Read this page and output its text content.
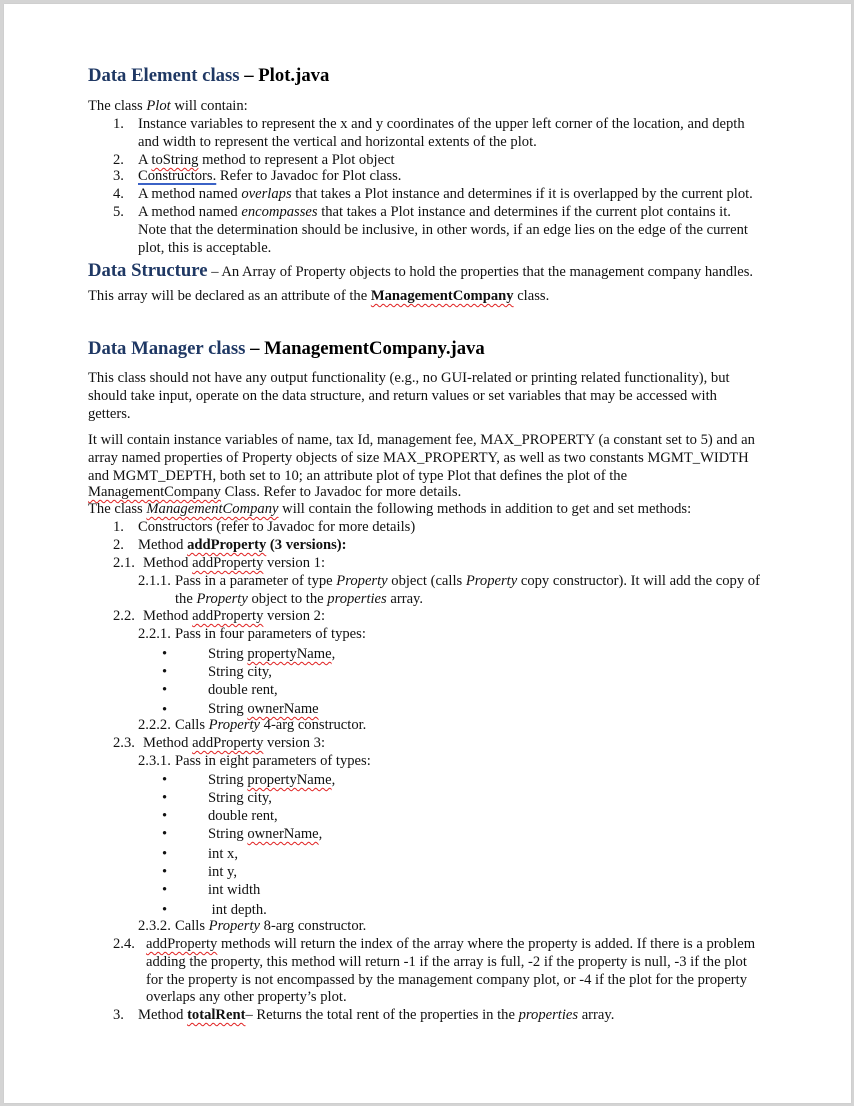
Data Element class – Plot.java
The class Plot will contain:
1. Instance variables to represent the x and y coordinates of the upper left corner of the location, and depth
and width to represent the vertical and horizontal extents of the plot.
2. A toString method to represent a Plot object
3. Constructors. Refer to Javadoc for Plot class.
4. A method named overlaps that takes a Plot instance and determines if it is overlapped by the current plot.
5. A method named encompasses that takes a Plot instance and determines if the current plot contains it.
Note that the determination should be inclusive, in other words, if an edge lies on the edge of the current
plot, this is acceptable.
Data Structure – An Array of Property objects to hold the properties that the management company handles.
This array will be declared as an attribute of the ManagementCompany class.
Data Manager class – ManagementCompany.java
This class should not have any output functionality (e.g., no GUI-related or printing related functionality), but
should take input, operate on the data structure, and return values or set variables that may be accessed with
getters.
It will contain instance variables of name, tax Id, management fee, MAX_PROPERTY (a constant set to 5) and an
array named properties of Property objects of size MAX_PROPERTY, as well as two constants MGMT_WIDTH
and MGMT_DEPTH, both set to 10; an attribute plot of type Plot that defines the plot of the
ManagementCompany Class. Refer to Javadoc for more details.
The class ManagementCompany will contain the following methods in addition to get and set methods:
1. Constructors (refer to Javadoc for more details)
2. Method addProperty (3 versions):
2.1. Method addProperty version 1:
2.1.1. Pass in a parameter of type Property object (calls Property copy constructor). It will add the copy of
the Property object to the properties array.
2.2. Method addProperty version 2:
2.2.1. Pass in four parameters of types:
•	String propertyName,
•	String city,
•	double rent,
•	String ownerName
2.2.2. Calls Property 4-arg constructor.
2.3. Method addProperty version 3:
2.3.1. Pass in eight parameters of types:
•	String propertyName,
•	String city,
•	double rent,
•	String ownerName,
•	int x,
•	int y,
•	int width
•	int depth.
2.3.2. Calls Property 8-arg constructor.
2.4. addProperty methods will return the index of the array where the property is added. If there is a problem
adding the property, this method will return -1 if the array is full, -2 if the property is null, -3 if the plot
for the property is not encompassed by the management company plot, or -4 if the plot for the property
overlaps any other property’s plot.
3. Method totalRent– Returns the total rent of the properties in the properties array.
